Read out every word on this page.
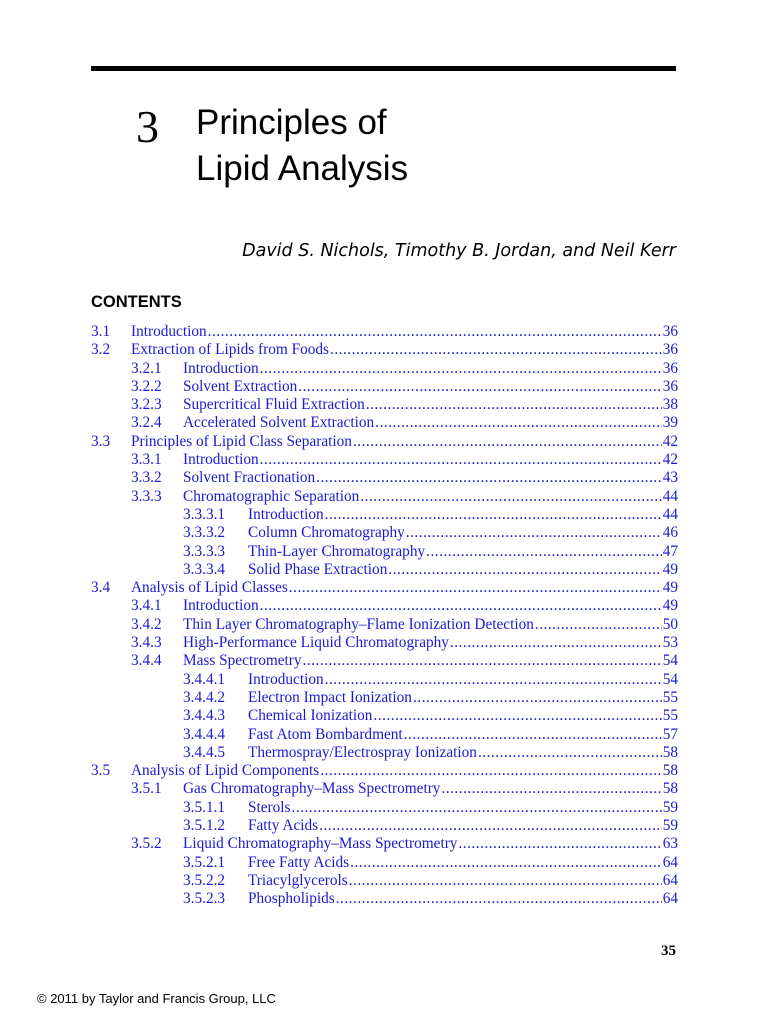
3 Principles of
Lipid Analysis
David S. Nichols, Timothy B. Jordan, and Neil Kerr
CONTENTS
3.1	Introduction .....	36
3.2	Extraction of Lipids from Foods .....	36
3.2.1	Introduction .....	36
3.2.2	Solvent Extraction .....	36
3.2.3	Supercritical Fluid Extraction .....	38
3.2.4	Accelerated Solvent Extraction .....	39
3.3	Principles of Lipid Class Separation .....	42
3.3.1	Introduction .....	42
3.3.2	Solvent Fractionation .....	43
3.3.3	Chromatographic Separation .....	44
3.3.3.1	Introduction .....	44
3.3.3.2	Column Chromatography .....	46
3.3.3.3	Thin-Layer Chromatography .....	47
3.3.3.4	Solid Phase Extraction .....	49
3.4	Analysis of Lipid Classes .....	49
3.4.1	Introduction .....	49
3.4.2	Thin Layer Chromatography–Flame Ionization Detection .....	50
3.4.3	High-Performance Liquid Chromatography .....	53
3.4.4	Mass Spectrometry .....	54
3.4.4.1	Introduction .....	54
3.4.4.2	Electron Impact Ionization .....	55
3.4.4.3	Chemical Ionization .....	55
3.4.4.4	Fast Atom Bombardment .....	57
3.4.4.5	Thermospray/Electrospray Ionization .....	58
3.5	Analysis of Lipid Components .....	58
3.5.1	Gas Chromatography–Mass Spectrometry .....	58
3.5.1.1	Sterols .....	59
3.5.1.2	Fatty Acids .....	59
3.5.2	Liquid Chromatography–Mass Spectrometry .....	63
3.5.2.1	Free Fatty Acids .....	64
3.5.2.2	Triacylglycerols .....	64
3.5.2.3	Phospholipids .....	64
35
© 2011 by Taylor and Francis Group, LLC
